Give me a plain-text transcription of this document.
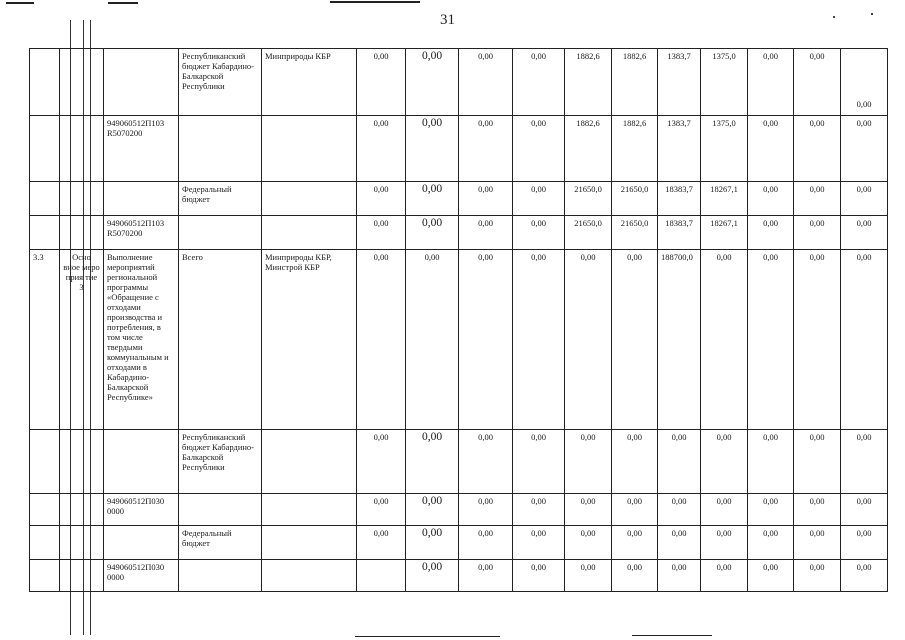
31
			Республиканский бюджет Кабардино-Балкарской Республики	Минприроды КБР	0,00	0,00	0,00	0,00	1882,6	1882,6	1383,7	1375,0	0,00	0,00	0,00
		949060512П103 R5070200			0,00	0,00	0,00	0,00	1882,6	1882,6	1383,7	1375,0	0,00	0,00	0,00
			Федеральный бюджет		0,00	0,00	0,00	0,00	21650,0	21650,0	18383,7	18267,1	0,00	0,00	0,00
		949060512П103 R5070200			0,00	0,00	0,00	0,00	21650,0	21650,0	18383,7	18267,1	0,00	0,00	0,00
3.3	Осно вное меро прия тие 3	Выполнение мероприятий региональной программы «Обращение с отходами производства и потребления, в том числе твердыми коммунальным и отходами в Кабардино-Балкарской Республике»	Всего	Минприроды КБР, Минстрой КБР	0,00	0,00	0,00	0,00	0,00	0,00	188700,0	0,00	0,00	0,00	0,00
			Республиканский бюджет Кабардино-Балкарской Республики		0,00	0,00	0,00	0,00	0,00	0,00	0,00	0,00	0,00	0,00	0,00
		949060512П030 0000			0,00	0,00	0,00	0,00	0,00	0,00	0,00	0,00	0,00	0,00	0,00
			Федеральный бюджет		0,00	0,00	0,00	0,00	0,00	0,00	0,00	0,00	0,00	0,00	0,00
		949060512П030 0000				0,00	0,00	0,00	0,00	0,00	0,00	0,00	0,00	0,00	0,00
